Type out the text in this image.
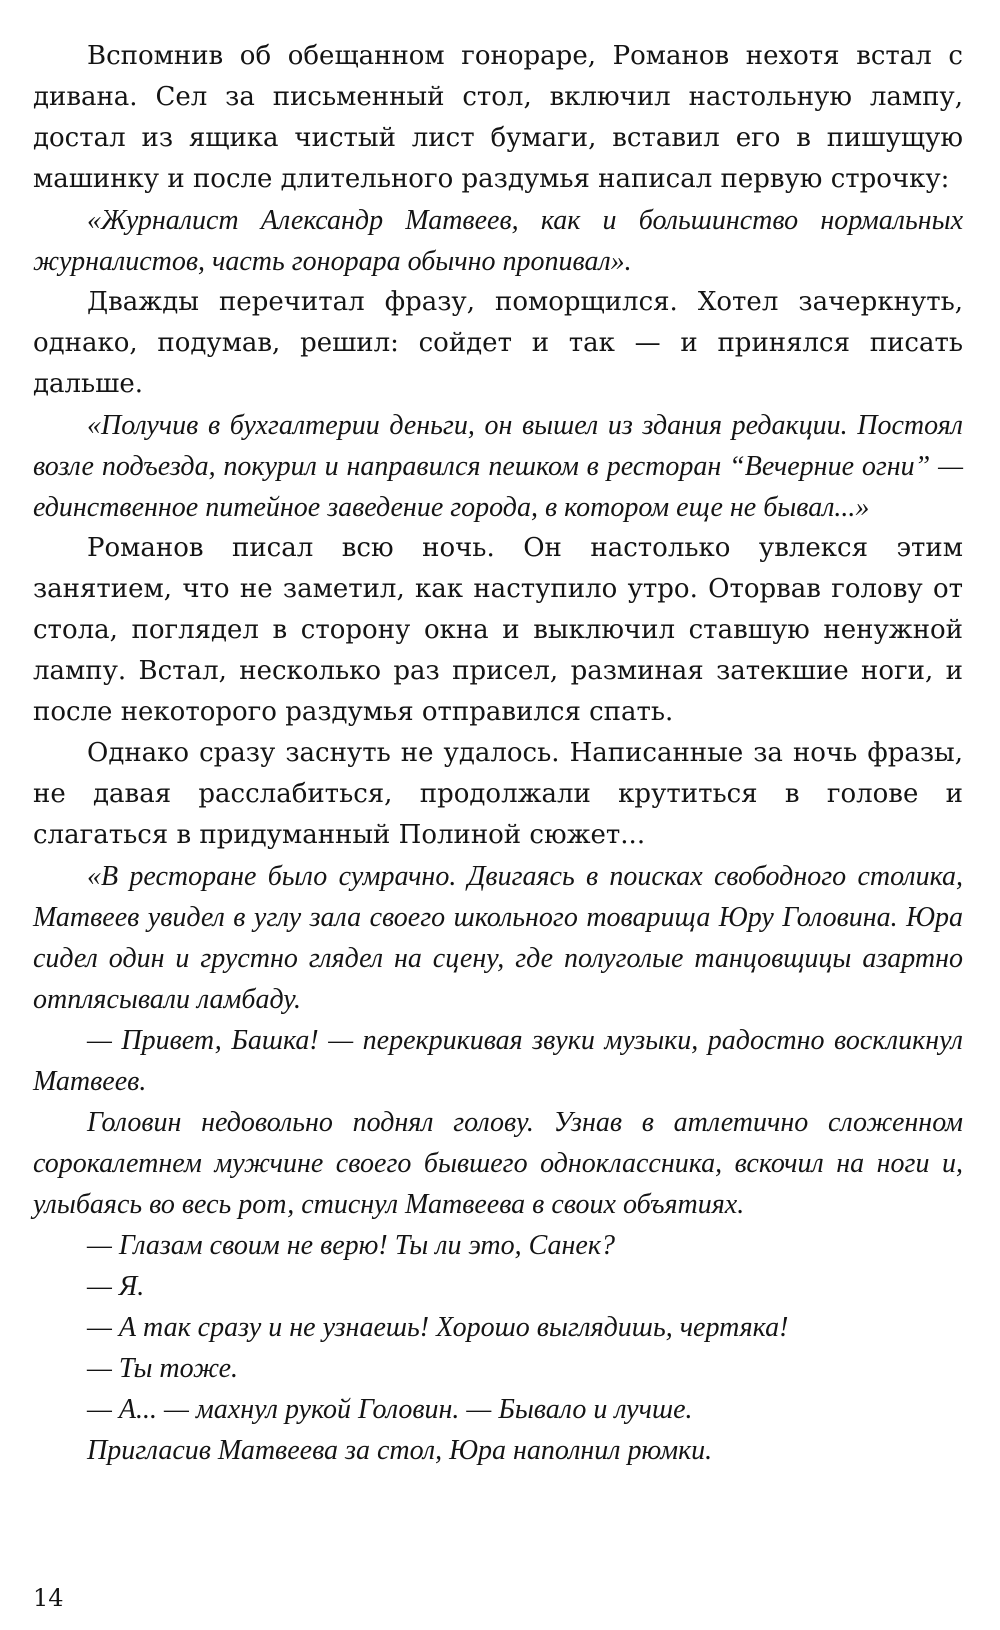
Вспомнив об обещанном гонораре, Романов нехотя встал с дивана. Сел за письменный стол, включил настольную лампу, достал из ящика чистый лист бумаги, вставил его в пишущую машинку и после длительного раздумья написал первую строчку:

«Журналист Александр Матвеев, как и большинство нормальных журналистов, часть гонорара обычно пропивал».

Дважды перечитал фразу, поморщился. Хотел зачеркнуть, однако, подумав, решил: сойдет и так — и принялся писать дальше.

«Получив в бухгалтерии деньги, он вышел из здания редакции. Постоял возле подъезда, покурил и направился пешком в ресторан “Вечерние огни” — единственное питейное заведение города, в котором еще не бывал...»

Романов писал всю ночь. Он настолько увлекся этим занятием, что не заметил, как наступило утро. Оторвав голову от стола, поглядел в сторону окна и выключил ставшую ненужной лампу. Встал, несколько раз присел, разминая затекшие ноги, и после некоторого раздумья отправился спать.

Однако сразу заснуть не удалось. Написанные за ночь фразы, не давая расслабиться, продолжали крутиться в голове и слагаться в придуманный Полиной сюжет...

«В ресторане было сумрачно. Двигаясь в поисках свободного столика, Матвеев увидел в углу зала своего школьного товарища Юру Головина. Юра сидел один и грустно глядел на сцену, где полуголые танцовщицы азартно отплясывали ламбаду.

— Привет, Башка! — перекрикивая звуки музыки, радостно воскликнул Матвеев.

Головин недовольно поднял голову. Узнав в атлетично сложенном сорокалетнем мужчине своего бывшего одноклассника, вскочил на ноги и, улыбаясь во весь рот, стиснул Матвеева в своих объятиях.

— Глазам своим не верю! Ты ли это, Санек?

— Я.

— А так сразу и не узнаешь! Хорошо выглядишь, чертяка!

— Ты тоже.

— А... — махнул рукой Головин. — Бывало и лучше.

Пригласив Матвеева за стол, Юра наполнил рюмки.

14
